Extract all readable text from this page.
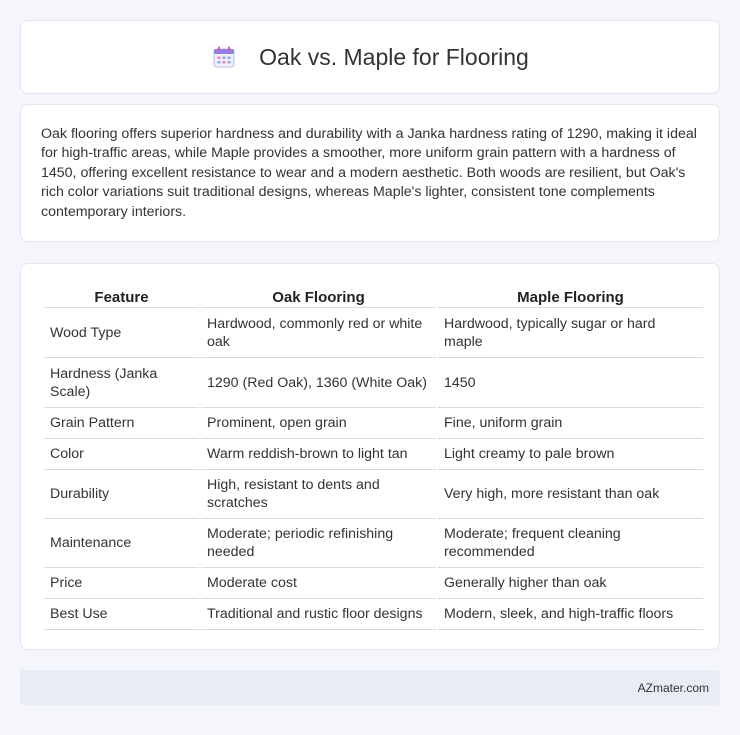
Oak vs. Maple for Flooring

Oak flooring offers superior hardness and durability with a Janka hardness rating of 1290, making it ideal for high-traffic areas, while Maple provides a smoother, more uniform grain pattern with a hardness of 1450, offering excellent resistance to wear and a modern aesthetic. Both woods are resilient, but Oak's rich color variations suit traditional designs, whereas Maple's lighter, consistent tone complements contemporary interiors.

Feature	Oak Flooring	Maple Flooring
Wood Type	Hardwood, commonly red or white oak	Hardwood, typically sugar or hard maple
Hardness (Janka Scale)	1290 (Red Oak), 1360 (White Oak)	1450
Grain Pattern	Prominent, open grain	Fine, uniform grain
Color	Warm reddish-brown to light tan	Light creamy to pale brown
Durability	High, resistant to dents and scratches	Very high, more resistant than oak
Maintenance	Moderate; periodic refinishing needed	Moderate; frequent cleaning recommended
Price	Moderate cost	Generally higher than oak
Best Use	Traditional and rustic floor designs	Modern, sleek, and high-traffic floors
AZmater.com
